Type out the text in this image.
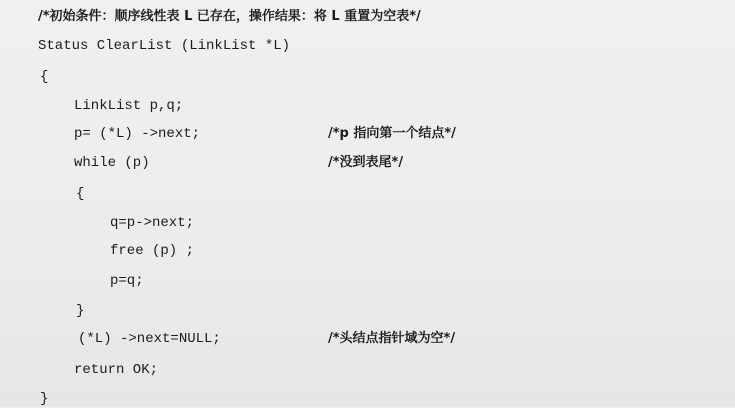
/*初始条件：顺序线性表 L 已存在，操作结果：将 L 重置为空表*/
Status ClearList (LinkList *L)
{
LinkList p,q;
p= (*L) ->next;	/*p 指向第一个结点*/
while (p)	/*没到表尾*/
{
q=p->next;
free (p) ;
p=q;
}
(*L) ->next=NULL;	/*头结点指针域为空*/
return OK;
}
